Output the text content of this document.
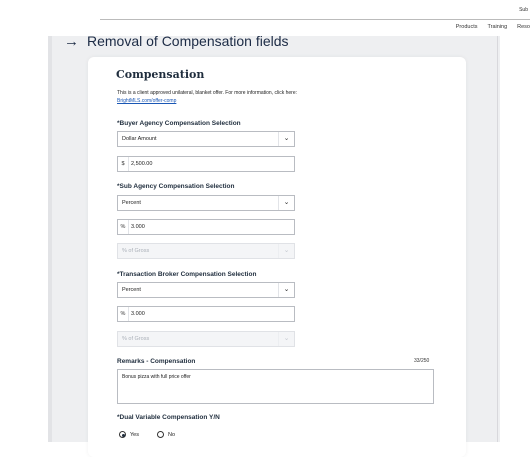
Sub
Products Training Reso
→ Removal of Compensation fields
Compensation
This is a client approved unilateral, blanket offer. For more information, click here: BrightMLS.com/offer-comp
*Buyer Agency Compensation Selection
Dollar Amount	⌄
$	2,500.00
*Sub Agency Compensation Selection
Percent	⌄
%	3.000
% of Gross	⌄
*Transaction Broker Compensation Selection
Percent	⌄
%	3.000
% of Gross	⌄
Remarks - Compensation	33/250
Bonus pizza with full price offer
*Dual Variable Compensation Y/N
Yes	No
